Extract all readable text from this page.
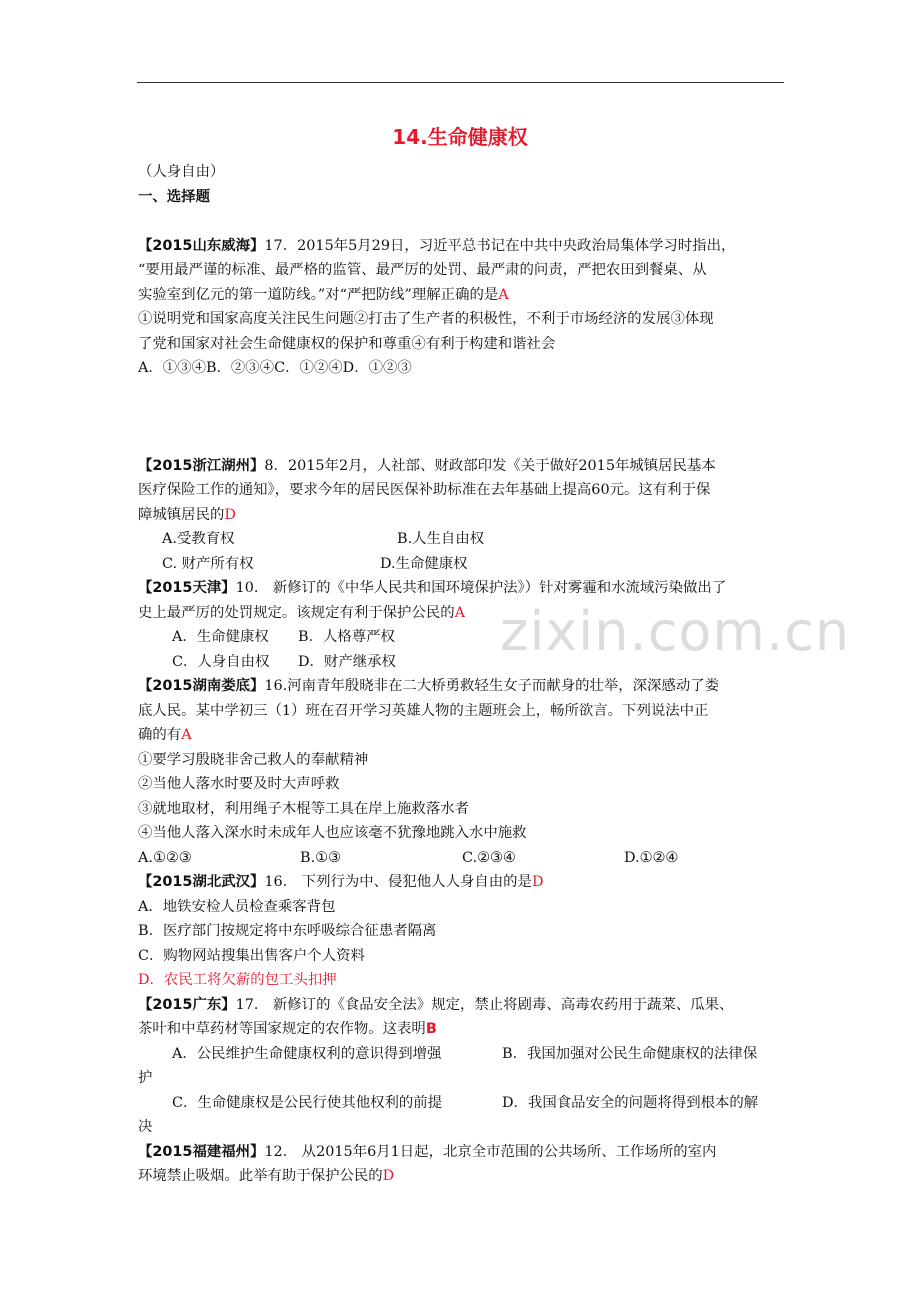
14.生命健康权
zixin.com.cn
（人身自由）
一、选择题
【2015山东威海】17．2015年5月29日，习近平总书记在中共中央政治局集体学习时指出，
“要用最严谨的标准、最严格的监管、最严厉的处罚、最严肃的问责，严把农田到餐桌、从
实验室到亿元的第一道防线。”对“严把防线”理解正确的是A
①说明党和国家高度关注民生问题②打击了生产者的积极性，不利于市场经济的发展③体现
了党和国家对社会生命健康权的保护和尊重④有利于构建和谐社会
A．①③④B．②③④C．①②④D．①②③
【2015浙江湖州】8．2015年2月，人社部、财政部印发《关于做好2015年城镇居民基本
医疗保险工作的通知》，要求今年的居民医保补助标准在去年基础上提高60元。这有利于保
障城镇居民的D
A.受教育权	B.人生自由权
C. 财产所有权	D.生命健康权
【2015天津】10． 新修订的《中华人民共和国环境保护法》）针对雾霾和水流域污染做出了
史上最严厉的处罚规定。该规定有利于保护公民的A
A．生命健康权 B．人格尊严权
C．人身自由权 D．财产继承权
【2015湖南娄底】16.河南青年殷晓非在二大桥勇救轻生女子而献身的壮举，深深感动了娄
底人民。某中学初三（1）班在召开学习英雄人物的主题班会上，畅所欲言。下列说法中正
确的有A
①要学习殷晓非舍己救人的奉献精神
②当他人落水时要及时大声呼救
③就地取材，利用绳子木棍等工具在岸上施救落水者
④当他人落入深水时未成年人也应该毫不犹豫地跳入水中施救
A.①②③	B.①③	C.②③④	D.①②④
【2015湖北武汉】16． 下列行为中、侵犯他人人身自由的是D
A．地铁安检人员检查乘客背包
B．医疗部门按规定将中东呼吸综合征患者隔离
C．购物网站搜集出售客户个人资料
D．农民工将欠薪的包工头扣押
【2015广东】17． 新修订的《食品安全法》规定，禁止将剧毒、高毒农药用于蔬菜、瓜果、
茶叶和中草药材等国家规定的农作物。这表明B
A．公民维护生命健康权利的意识得到增强	B．我国加强对公民生命健康权的法律保
护
C．生命健康权是公民行使其他权利的前提	D．我国食品安全的问题将得到根本的解
决
【2015福建福州】12． 从2015年6月1日起，北京全市范围的公共场所、工作场所的室内
环境禁止吸烟。此举有助于保护公民的D
